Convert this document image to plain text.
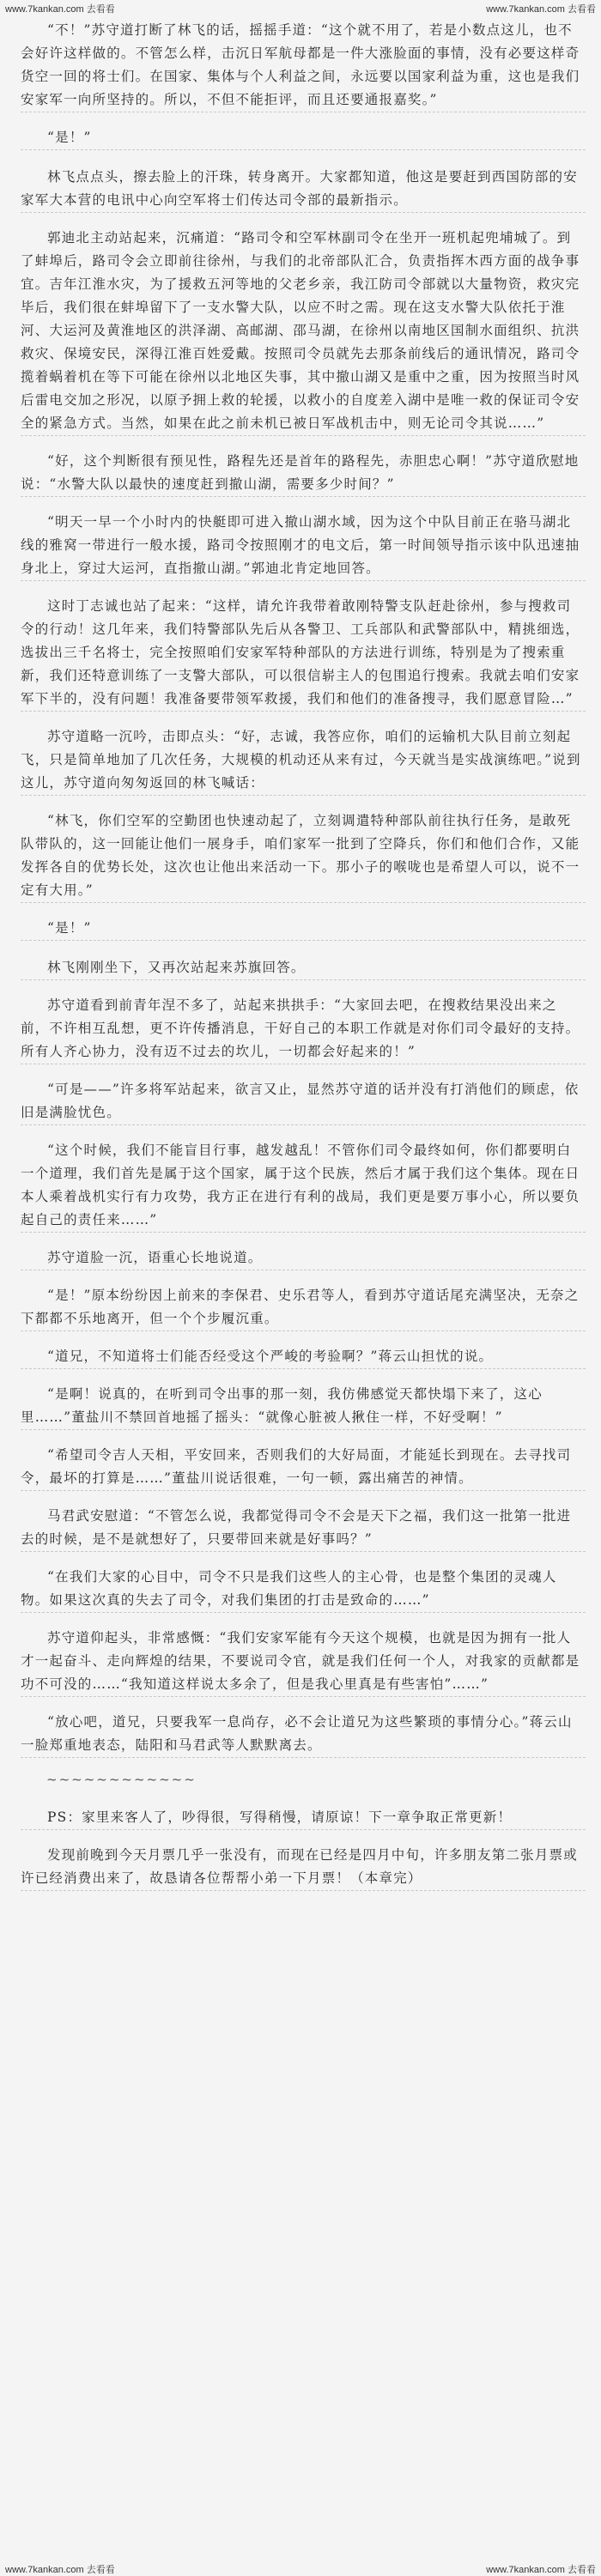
www.7kankan.com 去看看	www.7kankan.com 去看看

“不！”苏守道打断了林飞的话，摇摇手道：“这个就不用了，若是小数点这儿，也不会好许这样做的。不管怎么样，击沉日军航母都是一件大涨脸面的事情，没有必要这样奇货空一回的将士们。在国家、集体与个人利益之间，永远要以国家利益为重，这也是我们安家军一向所坚持的。所以，不但不能拒评，而且还要通报嘉奖。”

“是！”

林飞点点头，擦去脸上的汗珠，转身离开。大家都知道，他这是要赶到西国防部的安家军大本营的电讯中心向空军将士们传达司令部的最新指示。

郭迪北主动站起来，沉痛道：“路司令和空军林副司令在坐开一班机起兜埔城了。到了蚌埠后，路司令会立即前往徐州，与我们的北帝部队汇合，负责指挥木西方面的战争事宜。吉年江淮水灾，为了援救五河等地的父老乡亲，我江防司令部就以大量物资，救灾完毕后，我们很在蚌埠留下了一支水警大队，以应不时之需。现在这支水警大队依托于淮河、大运河及黄淮地区的洪泽湖、高邮湖、邵马湖，在徐州以南地区国制水面组织、抗洪救灾、保境安民，深得江淮百姓爱戴。按照司令员就先去那条前线后的通讯情况，路司令揽着蜗着机在等下可能在徐州以北地区失事，其中撤山湖又是重中之重，因为按照当时风后雷电交加之形况，以原予拥上救的轮援，以救小的自度差入湖中是唯一救的保证司令安全的紧急方式。当然，如果在此之前未机已被日军战机击中，则无论司令其说……”

“好，这个判断很有预见性，路程先还是首年的路程先，赤胆忠心啊！”苏守道欣慰地说：“水警大队以最快的速度赶到撤山湖，需要多少时间？”

“明天一早一个小时内的快艇即可进入撤山湖水域，因为这个中队目前正在骆马湖北线的雅窝一带进行一般水援，路司令按照刚才的电文后，第一时间领导指示该中队迅速抽身北上，穿过大运河，直指撤山湖。”郭迪北肯定地回答。

这时丁志诚也站了起来：“这样，请允许我带着敢刚特警支队赶赴徐州，参与搜救司令的行动！这几年来，我们特警部队先后从各警卫、工兵部队和武警部队中，精挑细选，选拔出三千名将士，完全按照咱们安家军特种部队的方法进行训练，特别是为了搜索重新，我们还特意训练了一支警大部队，可以很信崭主人的包围追行搜索。我就去咱们安家军下半的，没有问题！我准备要带领军救援，我们和他们的准备搜寻，我们愿意冒险…”

苏守道略一沉吟，击即点头：“好，志诚，我答应你，咱们的运输机大队目前立刻起飞，只是简单地加了几次任务，大规模的机动还从来有过，今天就当是实战演练吧。”说到这儿，苏守道向匆匆返回的林飞喊话：

“林飞，你们空军的空勤团也快速动起了，立刻调遣特种部队前往执行任务，是敢死队带队的，这一回能让他们一展身手，咱们家军一批到了空降兵，你们和他们合作，又能发挥各自的优势长处，这次也让他出来活动一下。那小子的喉咙也是希望人可以，说不一定有大用。”

“是！”

林飞刚刚坐下，又再次站起来苏旗回答。

苏守道看到前青年涅不多了，站起来拱拱手：“大家回去吧，在搜救结果没出来之前，不许相互乱想，更不许传播消息，干好自己的本职工作就是对你们司令最好的支持。所有人齐心协力，没有迈不过去的坎儿，一切都会好起来的！”

“可是——”许多将军站起来，欲言又止，显然苏守道的话并没有打消他们的顾虑，依旧是满脸忧色。

“这个时候，我们不能盲目行事，越发越乱！不管你们司令最终如何，你们都要明白一个道理，我们首先是属于这个国家，属于这个民族，然后才属于我们这个集体。现在日本人乘着战机实行有力攻势，我方正在进行有利的战局，我们更是要万事小心，所以要负起自己的责任来……”

苏守道脸一沉，语重心长地说道。

“是！”原本纷纷因上前来的李保君、史乐君等人，看到苏守道话尾充满坚决，无奈之下都都不乐地离开，但一个个步履沉重。

“道兄，不知道将士们能否经受这个严峻的考验啊？”蒋云山担忧的说。

“是啊！说真的，在听到司令出事的那一刻，我仿佛感觉天都快塌下来了，这心里……”董盐川不禁回首地摇了摇头：“就像心脏被人揪住一样，不好受啊！”

“希望司令吉人天相，平安回来，否则我们的大好局面，才能延长到现在。去寻找司令，最坏的打算是……”董盐川说话很难，一句一顿，露出痛苦的神情。

马君武安慰道：“不管怎么说，我都觉得司令不会是天下之福，我们这一批第一批进去的时候，是不是就想好了，只要带回来就是好事吗？”

“在我们大家的心目中，司令不只是我们这些人的主心骨，也是整个集团的灵魂人物。如果这次真的失去了司令，对我们集团的打击是致命的……”

苏守道仰起头，非常感慨：“我们安家军能有今天这个规模，也就是因为拥有一批人才一起奋斗、走向辉煌的结果，不要说司令官，就是我们任何一个人，对我家的贡献都是功不可没的……“我知道这样说太多余了，但是我心里真是有些害怕”……”

“放心吧，道兄，只要我军一息尚存，必不会让道兄为这些繁琐的事情分心。”蒋云山一脸郑重地表态，陆阳和马君武等人默默离去。

~~~~~~~~~~~~

PS：家里来客人了，吵得很，写得稍慢，请原谅！下一章争取正常更新！

发现前晚到今天月票几乎一张没有，而现在已经是四月中旬，许多朋友第二张月票或许已经消费出来了，故恳请各位帮帮小弟一下月票！（本章完）

www.7kankan.com 去看看	www.7kankan.com 去看看
